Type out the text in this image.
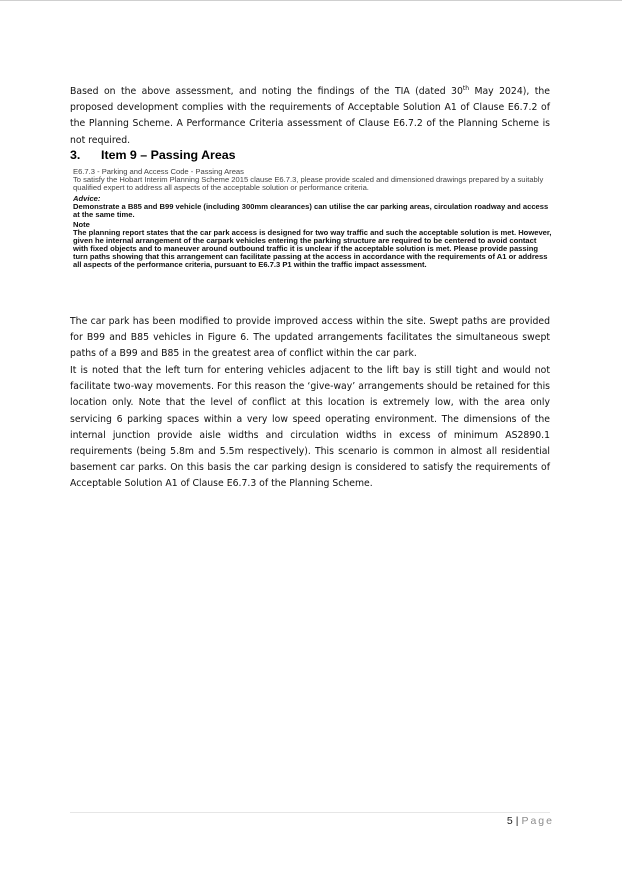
Based on the above assessment, and noting the findings of the TIA (dated 30th May 2024), the proposed development complies with the requirements of Acceptable Solution A1 of Clause E6.7.2 of the Planning Scheme. A Performance Criteria assessment of Clause E6.7.2 of the Planning Scheme is not required.

3. Item 9 – Passing Areas
E6.7.3 - Parking and Access Code - Passing Areas
To satisfy the Hobart Interim Planning Scheme 2015 clause E6.7.3, please provide scaled and dimensioned drawings prepared by a suitably qualified expert to address all aspects of the acceptable solution or performance criteria.
Advice:
Demonstrate a B85 and B99 vehicle (including 300mm clearances) can utilise the car parking areas, circulation roadway and access at the same time.
Note
The planning report states that the car park access is designed for two way traffic and such the acceptable solution is met. However, given he internal arrangement of the carpark vehicles entering the parking structure are required to be centered to avoid contact with fixed objects and to maneuver around outbound traffic it is unclear if the acceptable solution is met. Please provide passing turn paths showing that this arrangement can facilitate passing at the access in accordance with the requirements of A1 or address all aspects of the performance criteria, pursuant to E6.7.3 P1 within the traffic impact assessment.

The car park has been modified to provide improved access within the site. Swept paths are provided for B99 and B85 vehicles in Figure 6. The updated arrangements facilitates the simultaneous swept paths of a B99 and B85 in the greatest area of conflict within the car park.

It is noted that the left turn for entering vehicles adjacent to the lift bay is still tight and would not facilitate two-way movements. For this reason the ‘give-way’ arrangements should be retained for this location only. Note that the level of conflict at this location is extremely low, with the area only servicing 6 parking spaces within a very low speed operating environment. The dimensions of the internal junction provide aisle widths and circulation widths in excess of minimum AS2890.1 requirements (being 5.8m and 5.5m respectively). This scenario is common in almost all residential basement car parks. On this basis the car parking design is considered to satisfy the requirements of Acceptable Solution A1 of Clause E6.7.3 of the Planning Scheme.

5 | Page
